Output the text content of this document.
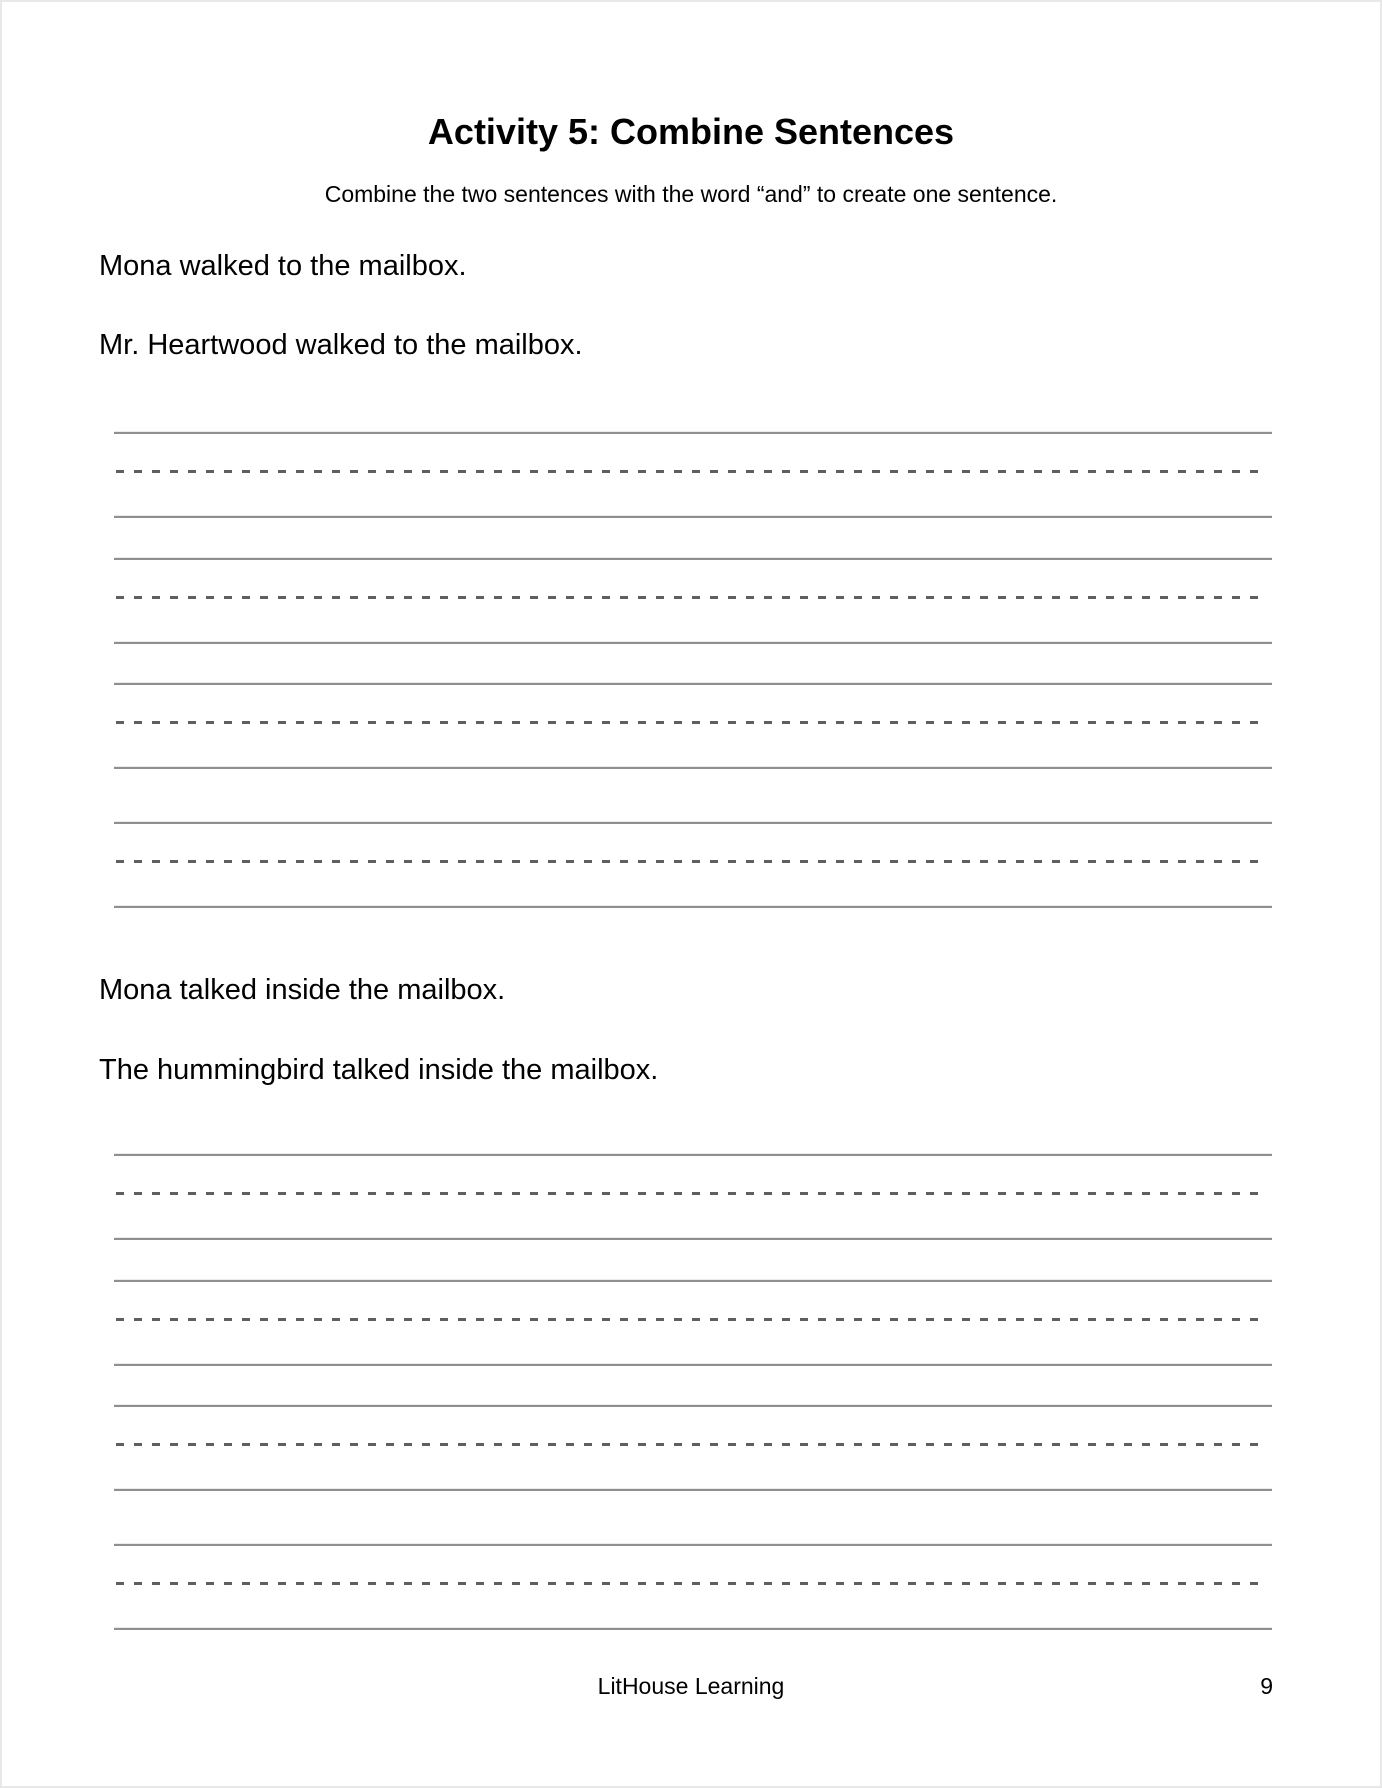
Activity 5: Combine Sentences
Combine the two sentences with the word “and” to create one sentence.
Mona walked to the mailbox.
Mr. Heartwood walked to the mailbox.
Mona talked inside the mailbox.
The hummingbird talked inside the mailbox.
LitHouse Learning	9
